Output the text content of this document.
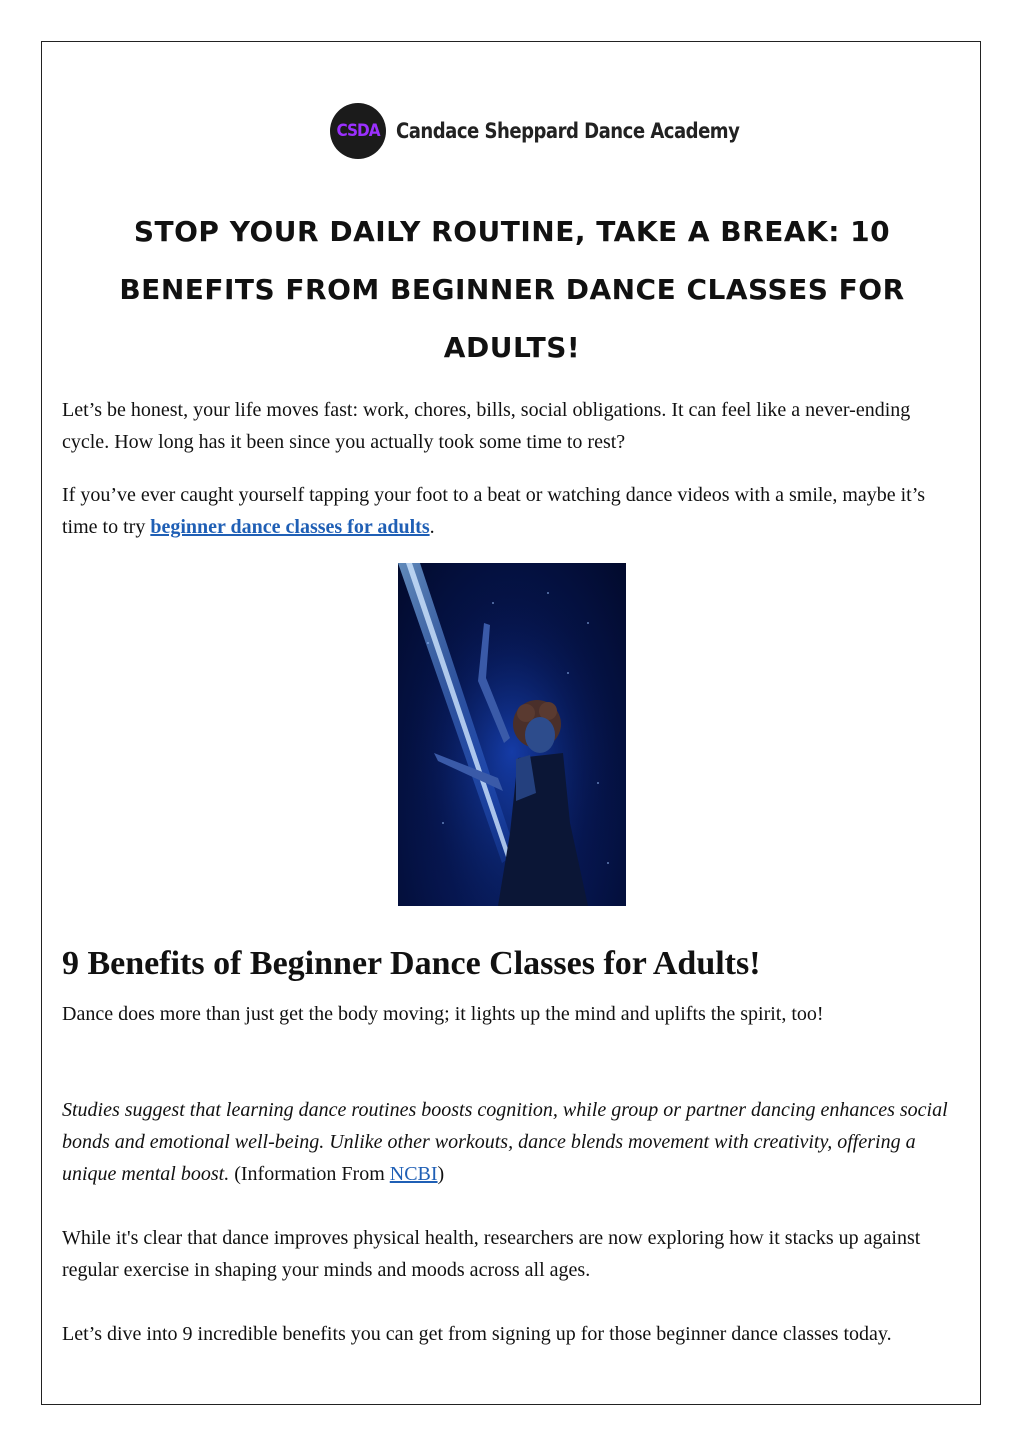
CSDA Candace Sheppard Dance Academy
STOP YOUR DAILY ROUTINE, TAKE A BREAK: 10 BENEFITS FROM BEGINNER DANCE CLASSES FOR ADULTS!

Let’s be honest, your life moves fast: work, chores, bills, social obligations. It can feel like a never-ending cycle. How long has it been since you actually took some time to rest?

If you’ve ever caught yourself tapping your foot to a beat or watching dance videos with a smile, maybe it’s time to try beginner dance classes for adults.

9 Benefits of Beginner Dance Classes for Adults!

Dance does more than just get the body moving; it lights up the mind and uplifts the spirit, too!

Studies suggest that learning dance routines boosts cognition, while group or partner dancing enhances social bonds and emotional well-being. Unlike other workouts, dance blends movement with creativity, offering a unique mental boost. (Information From NCBI)

While it's clear that dance improves physical health, researchers are now exploring how it stacks up against regular exercise in shaping your minds and moods across all ages.

Let’s dive into 9 incredible benefits you can get from signing up for those beginner dance classes today.
